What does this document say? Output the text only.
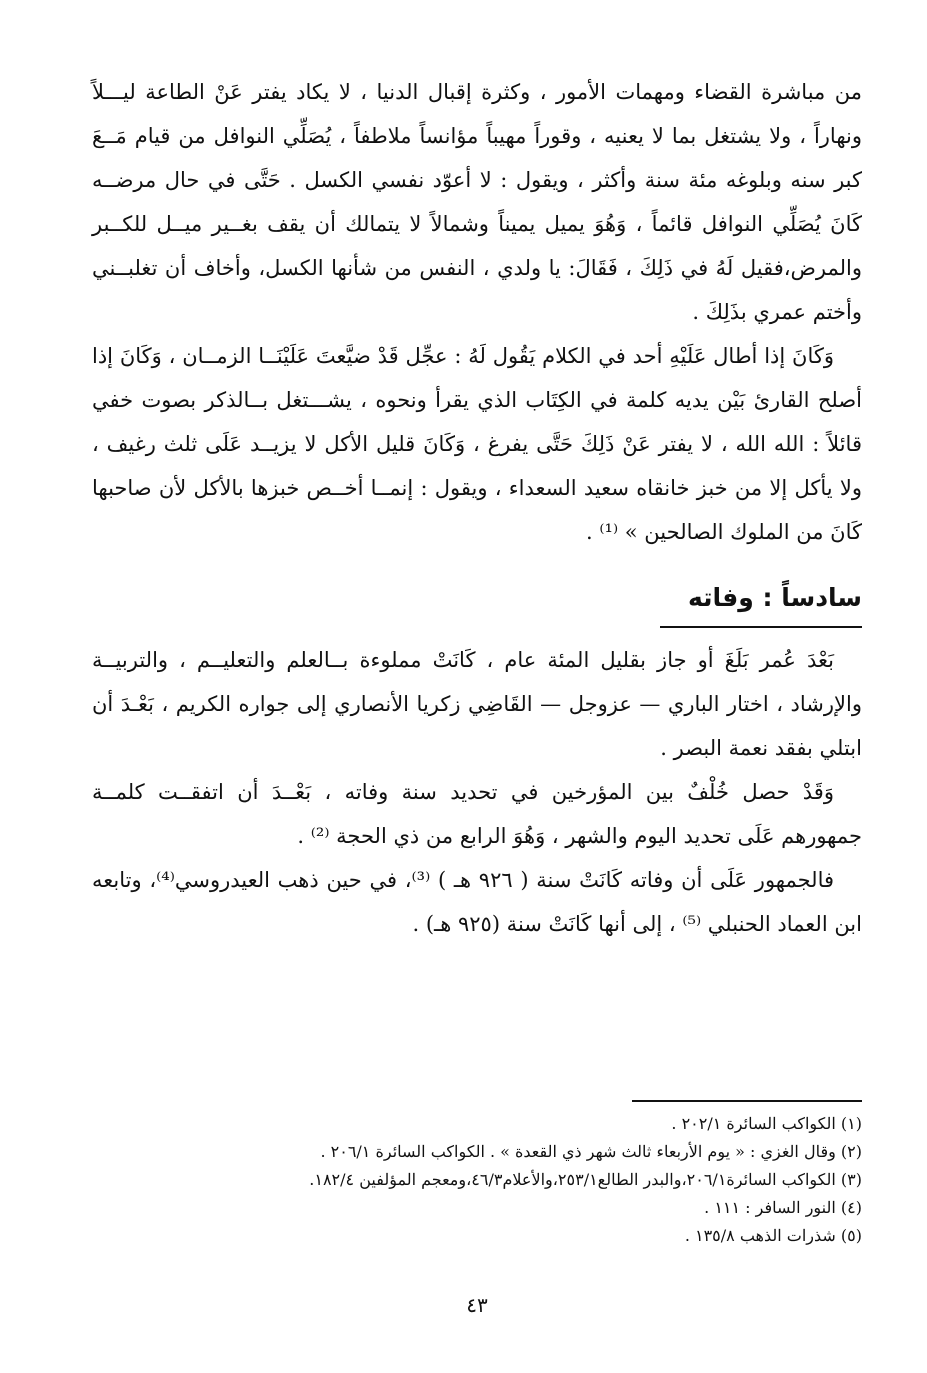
من مباشرة القضاء ومهمات الأمور ، وكثرة إقبال الدنيا ، لا يكاد يفتر عَنْ الطاعة ليـــلاً ونهاراً ، ولا يشتغل بما لا يعنيه ، وقوراً مهيباً مؤانساً ملاطفاً ، يُصَلِّي النوافل من قيام مَــعَ كبر سنه وبلوغه مئة سنة وأكثر ، ويقول : لا أعوّد نفسي الكسل . حَتَّى في حال مرضــه كَانَ يُصَلِّي النوافل قائماً ، وَهُوَ يميل يميناً وشمالاً لا يتمالك أن يقف بغــير ميــل للكــبر والمرض،فقيل لَهُ في ذَلِكَ ، فَقَالَ: يا ولدي ، النفس من شأنها الكسل، وأخاف أن تغلبــني وأختم عمري بذَلِكَ .

وَكَانَ إذا أطال عَلَيْهِ أحد في الكلام يَقُول لَهُ : عجِّل قَدْ ضيَّعتَ عَلَيْنَــا الزمــان ، وَكَانَ إذا أصلح القارئ بَيْن يديه كلمة في الكِتَاب الذي يقرأ ونحوه ، يشـــتغل بــالذكر بصوت خفي قائلاً : الله الله ، لا يفتر عَنْ ذَلِكَ حَتَّى يفرغ ، وَكَانَ قليل الأكل لا يزيــد عَلَى ثلث رغيف ، ولا يأكل إلا من خبز خانقاه سعيد السعداء ، ويقول : إنمــا أخــص خبزها بالأكل لأن صاحبها كَانَ من الملوك الصالحين » ⁽¹⁾ .

سادساً : وفاته

بَعْدَ عُمر بَلَغَ أو جاز بقليل المئة عام ، كَانَتْ مملوءة بــالعلم والتعليــم ، والتربيــة والإرشاد ، اختار الباري — عزوجل — القَاضِي زكريا الأنصاري إلى جواره الكريم ، بَعْـدَ أن ابتلي بفقد نعمة البصر .

وَقَدْ حصل خُلْفٌ بين المؤرخين في تحديد سنة وفاته ، بَعْــدَ أن اتفقــت كلمــة جمهورهم عَلَى تحديد اليوم والشهر ، وَهُوَ الرابع من ذي الحجة ⁽²⁾ .

فالجمهور عَلَى أن وفاته كَانَتْ سنة ( ٩٢٦ هـ ) ⁽³⁾، في حين ذهب العيدروسي⁽⁴⁾، وتابعه ابن العماد الحنبلي ⁽⁵⁾ ، إلى أنها كَانَتْ سنة (٩٢٥ هـ) .

(١) الكواكب السائرة ٢٠٢/١ .
(٢) وقال الغزي : « يوم الأربعاء ثالث شهر ذي القعدة » . الكواكب السائرة ٢٠٦/١ .
(٣) الكواكب السائرة٢٠٦/١،والبدر الطالع٢٥٣/١،والأعلام٤٦/٣،ومعجم المؤلفين ١٨٢/٤.
(٤) النور السافر : ١١١ .
(٥) شذرات الذهب ١٣٥/٨ .
٤٣
